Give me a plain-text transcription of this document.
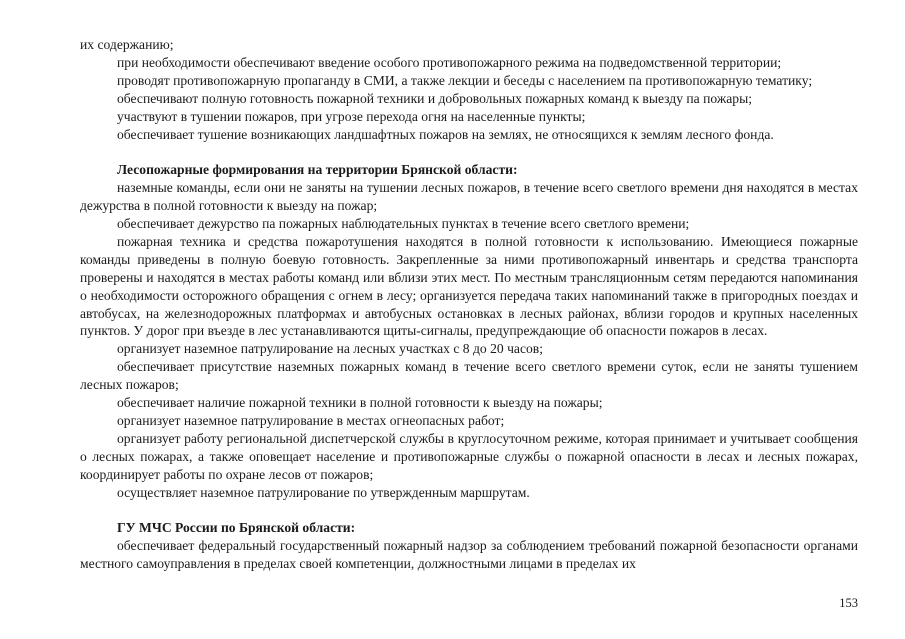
их содержанию;

при необходимости обеспечивают введение особого противопожарного режима на подведомственной территории;

проводят противопожарную пропаганду в СМИ, а также лекции и беседы с населением па противопожарную тематику;

обеспечивают полную готовность пожарной техники и добровольных пожарных команд к выезду па пожары;

участвуют в тушении пожаров, при угрозе перехода огня на населенные пункты;

обеспечивает тушение возникающих ландшафтных пожаров на землях, не относящихся к землям лесного фонда.

Лесопожарные формирования на территории Брянской области:

наземные команды, если они не заняты на тушении лесных пожаров, в течение всего светлого времени дня находятся в местах дежурства в полной готовности к выезду на пожар;

обеспечивает дежурство па пожарных наблюдательных пунктах в течение всего светлого времени;

пожарная техника и средства пожаротушения находятся в полной готовности к использованию. Имеющиеся пожарные команды приведены в полную боевую готовность. Закрепленные за ними противопожарный инвентарь и средства транспорта проверены и находятся в местах работы команд или вблизи этих мест. По местным трансляционным сетям передаются напоминания о необходимости осторожного обращения с огнем в лесу; организуется передача таких напоминаний также в пригородных поездах и автобусах, на железнодорожных платформах и автобусных остановках в лесных районах, вблизи городов и крупных населенных пунктов. У дорог при въезде в лес устанавливаются щиты-сигналы, предупреждающие об опасности пожаров в лесах.

организует наземное патрулирование на лесных участках с 8 до 20 часов;

обеспечивает присутствие наземных пожарных команд в течение всего светлого времени суток, если не заняты тушением лесных пожаров;

обеспечивает наличие пожарной техники в полной готовности к выезду на пожары;

организует наземное патрулирование в местах огнеопасных работ;

организует работу региональной диспетчерской службы в круглосуточном режиме, которая принимает и учитывает сообщения о лесных пожарах, а также оповещает население и противопожарные службы о пожарной опасности в лесах и лесных пожарах, координирует работы по охране лесов от пожаров;

осуществляет наземное патрулирование по утвержденным маршрутам.

ГУ МЧС России по Брянской области:

обеспечивает федеральный государственный пожарный надзор за соблюдением требований пожарной безопасности органами местного самоуправления в пределах своей компетенции, должностными лицами в пределах их

153
